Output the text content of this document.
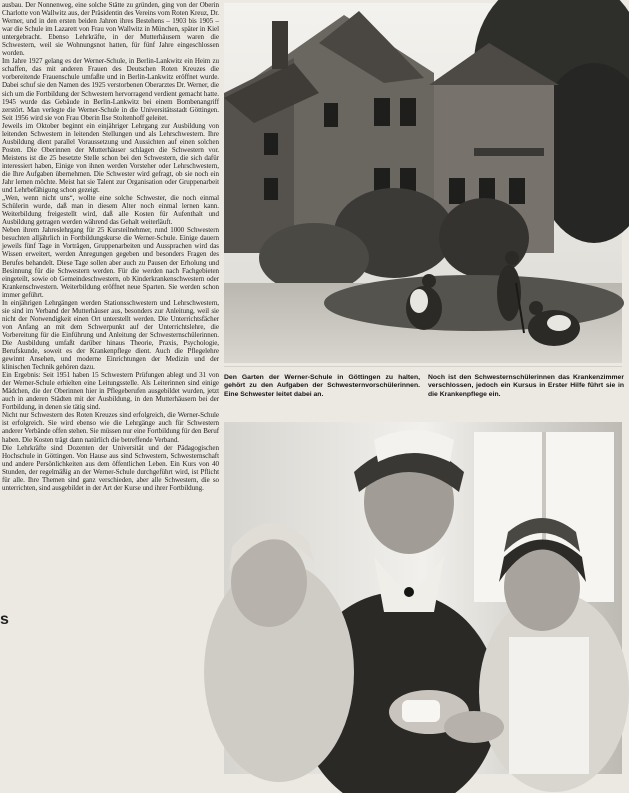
ausbau. Der Nonnenweg, eine solche Stätte zu gründen, ging von der Oberin Charlotte von Wallwitz aus, der Präsidentin des Vereins vom Roten Kreuz, Dr. Werner, und in den ersten beiden Jahren ihres Bestehens – 1903 bis 1905 – war die Schule im Lazarett von Frau von Wallwitz in München, später in Kiel untergebracht. Ebenso Lehrkräfte, in der Mutterhäusern waren die Schwestern, weil sie Wohnungsnot hatten, für fünf Jahre eingeschlossen worden.

Im Jahre 1927 gelang es der Werner-Schule, in Berlin-Lankwitz ein Heim zu schaffen, das mit anderen Frauen des Deutschen Roten Kreuzes die vorbereitende Frauenschule umfaßte und in Berlin-Lankwitz eröffnet wurde. Dabei schuf sie den Namen des 1925 verstorbenen Oberarztes Dr. Werner, die sich um die Fortbildung der Schwestern hervorragend verdient gemacht hatte. 1945 wurde das Gebäude in Berlin-Lankwitz bei einem Bombenangriff zerstört. Man verlegte die Werner-Schule in die Universitätsstadt Göttingen. Seit 1956 wird sie von Frau Oberin Ilse Stoltenhoff geleitet.

Jeweils im Oktober beginnt ein einjähriger Lehrgang zur Ausbildung von leitenden Schwestern in leitenden Stellungen und als Lehrschwestern. Ihre Ausbildung dient parallel Voraussetzung und Aussichten auf einen solchen Posten. Die Oberinnen der Mutterhäuser schlagen die Schwestern vor. Meistens ist die 25 besetzte Stelle schon bei den Schwestern, die sich dafür interessiert haben, Einige von ihnen werden Vorsteher oder Lehrschwestern, die Ihre Aufgaben übernehmen. Die Schwester wird gefragt, ob sie noch ein Jahr lernen möchte. Meist hat sie Talent zur Organisation oder Gruppenarbeit und Lehrbefähigung schon gezeigt.

„Wen, wenn nicht uns“, wollte eine solche Schwester, die noch einmal Schülerin wurde, daß man in diesem Alter noch einmal lernen kann. Weiterbildung freigestellt wird, daß alle Kosten für Aufenthalt und Ausbildung getragen werden während das Gehalt weiterläuft.

Neben ihrem Jahreslehrgang für 25 Kursteilnehmer, rund 1000 Schwestern besuchten alljährlich in Fortbildungskurse die Werner-Schule. Einige dauern jeweils fünf Tage in Vorträgen, Gruppenarbeiten und Aussprachen wird das Wissen erweitert, werden Anregungen gegeben und besonders Fragen des Berufes behandelt. Diese Tage sollen aber auch zu Pausen der Erholung und Besinnung für die Schwestern werden. Für die werden nach Fachgebieten eingeteilt, sowie ob Gemeindeschwestern, ob Kinderkrankenschwestern oder Krankenschwestern. Weiterbildung eröffnet neue Sparten. Sie werden schon immer geführt.

In einjährigen Lehrgängen werden Stationsschwestern und Lehrschwestern, sie sind im Verband der Mutterhäuser aus, besonders zur Anleitung, weil sie nicht der Notwendigkeit einen Ort unterstellt werden. Die Unterrichtsfächer von Anfang an mit dem Schwerpunkt auf der Unterrichtslehre, die Vorbereitung für die Einführung und Anleitung der Schwesternschülerinnen. Die Ausbildung umfaßt darüber hinaus Theorie, Praxis, Psychologie, Berufskunde, soweit es der Krankenpflege dient. Auch die Pflegelehre gewinnt Ansehen, und moderne Einrichtungen der Medizin und der klinischen Technik gehören dazu.

Ein Ergebnis: Seit 1951 haben 15 Schwestern Prüfungen ablegt und 31 von der Werner-Schule erhielten eine Leitungsstelle. Als Leiterinnen sind einige Mädchen, die der Oberinnen hier in Pflegeberufen ausgebildet wurden, jetzt auch in anderen Städten mit der Ausbildung, in den Mutterhäusern bei der Fortbildung, in denen sie tätig sind.

Nicht nur Schwestern des Roten Kreuzes sind erfolgreich, die Werner-Schule ist erfolgreich. Sie wird ebenso wie die Lehrgänge auch für Schwestern anderer Verbände offen stehen. Sie müssen nur eine Fortbildung für den Beruf haben. Die Kosten trägt dann natürlich die betreffende Verband.

Die Lehrkräfte sind Dozenten der Universität und der Pädagogischen Hochschule in Göttingen. Von Hause aus sind Schwestern, Schwesternschaft und andere Persönlichkeiten aus dem öffentlichen Leben. Ein Kurs von 40 Stunden, der regelmäßig an der Werner-Schule durchgeführt wird, ist Pflicht für alle. Ihre Themen sind ganz verschieden, aber alle Schwestern, die so unterrichten, sind ausgebildet in der Art der Kurse und ihrer Fortbildung.

s
Den Garten der Werner-Schule in Göttingen zu halten, gehört zu den Aufgaben der Schwesternvorschülerinnen. Eine Schwester leitet dabei an.
Noch ist den Schwesternschülerinnen das Krankenzimmer verschlossen, jedoch ein Kursus in Erster Hilfe führt sie in die Krankenpflege ein.
